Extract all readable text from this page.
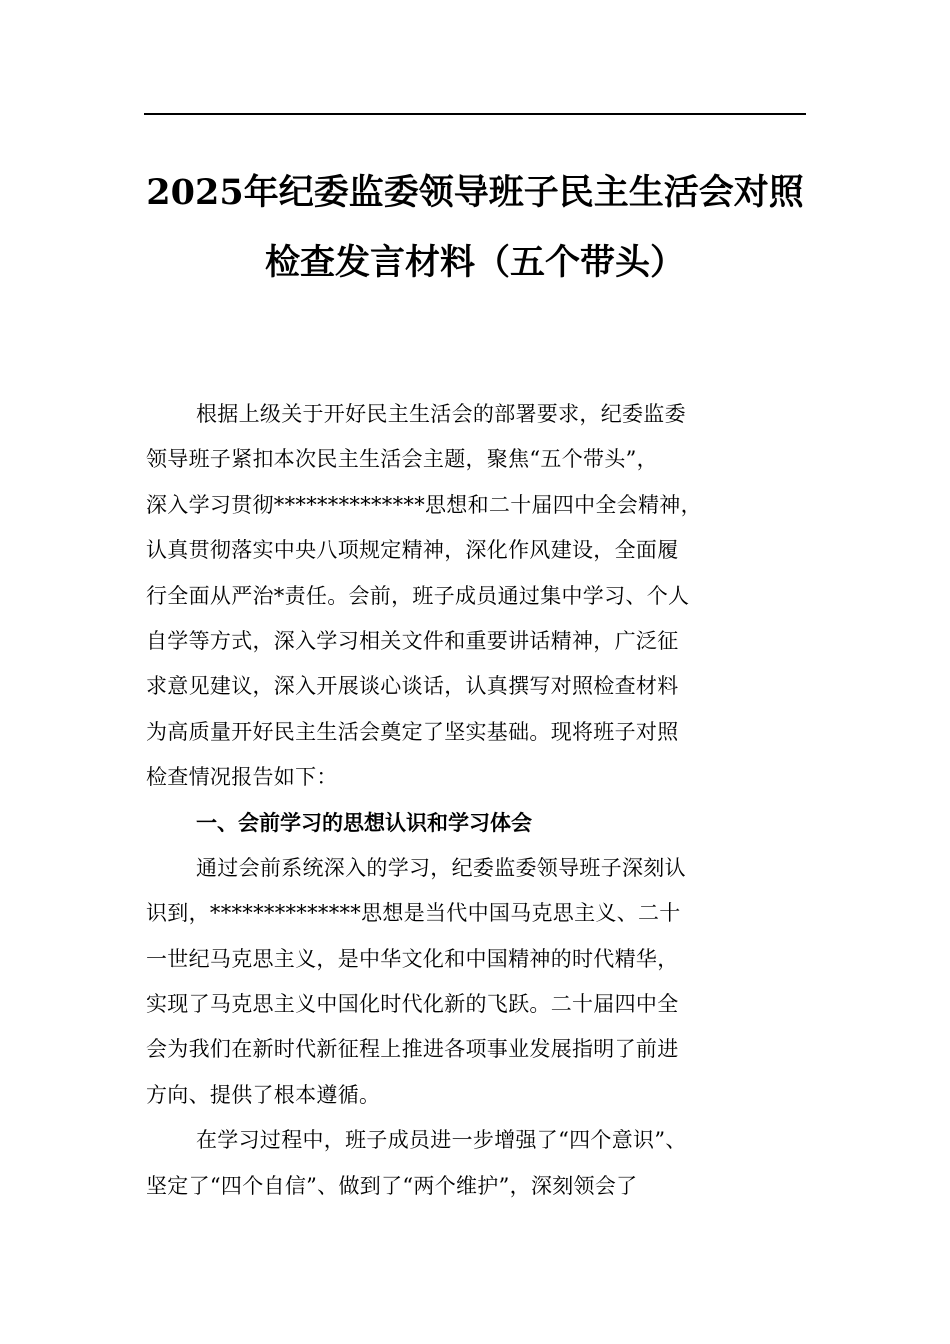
2025年纪委监委领导班子民主生活会对照
检查发言材料（五个带头）
根据上级关于开好民主生活会的部署要求，纪委监委
领导班子紧扣本次民主生活会主题，聚焦“五个带头”，
深入学习贯彻**************思想和二十届四中全会精神，
认真贯彻落实中央八项规定精神，深化作风建设，全面履
行全面从严治*责任。会前，班子成员通过集中学习、个人
自学等方式，深入学习相关文件和重要讲话精神，广泛征
求意见建议，深入开展谈心谈话，认真撰写对照检查材料
为高质量开好民主生活会奠定了坚实基础。现将班子对照
检查情况报告如下：
一、会前学习的思想认识和学习体会
通过会前系统深入的学习，纪委监委领导班子深刻认
识到，**************思想是当代中国马克思主义、二十
一世纪马克思主义，是中华文化和中国精神的时代精华，
实现了马克思主义中国化时代化新的飞跃。二十届四中全
会为我们在新时代新征程上推进各项事业发展指明了前进
方向、提供了根本遵循。
在学习过程中，班子成员进一步增强了“四个意识”、
坚定了“四个自信”、做到了“两个维护”，深刻领会了
